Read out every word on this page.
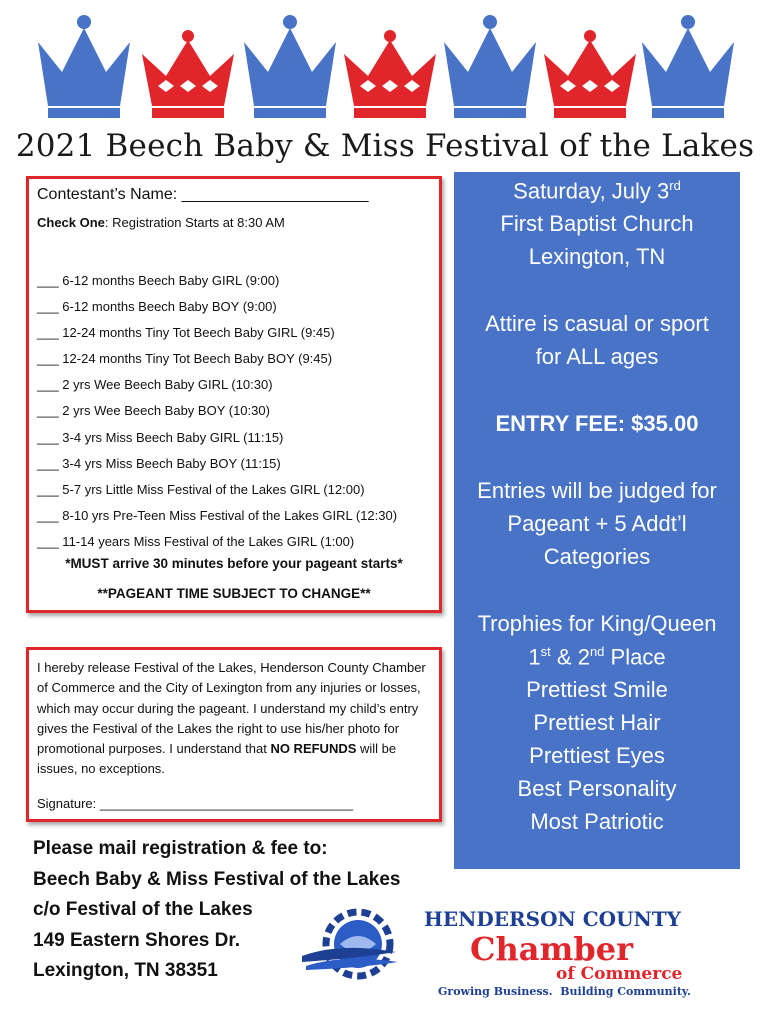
2021 Beech Baby & Miss Festival of the Lakes
Contestant’s Name: _____________________
Check One: Registration Starts at 8:30 AM
___ 6-12 months Beech Baby GIRL (9:00)
___ 6-12 months Beech Baby BOY (9:00)
___ 12-24 months Tiny Tot Beech Baby GIRL (9:45)
___ 12-24 months Tiny Tot Beech Baby BOY (9:45)
___ 2 yrs Wee Beech Baby GIRL (10:30)
___ 2 yrs Wee Beech Baby BOY (10:30)
___ 3-4 yrs Miss Beech Baby GIRL (11:15)
___ 3-4 yrs Miss Beech Baby BOY (11:15)
___ 5-7 yrs Little Miss Festival of the Lakes GIRL (12:00)
___ 8-10 yrs Pre-Teen Miss Festival of the Lakes GIRL (12:30)
___ 11-14 years Miss Festival of the Lakes GIRL (1:00)
*MUST arrive 30 minutes before your pageant starts*
**PAGEANT TIME SUBJECT TO CHANGE**
I hereby release Festival of the Lakes, Henderson County Chamber of Commerce and the City of Lexington from any injuries or losses, which may occur during the pageant. I understand my child’s entry gives the Festival of the Lakes the right to use his/her photo for promotional purposes. I understand that NO REFUNDS will be issues, no exceptions.
Signature: ___________________________________
Saturday, July 3rd
First Baptist Church
Lexington, TN
Attire is casual or sport
for ALL ages
ENTRY FEE: $35.00
Entries will be judged for
Pageant + 5 Addt’l
Categories
Trophies for King/Queen
1st & 2nd Place
Prettiest Smile
Prettiest Hair
Prettiest Eyes
Best Personality
Most Patriotic
Please mail registration & fee to:
Beech Baby & Miss Festival of the Lakes
c/o Festival of the Lakes
149 Eastern Shores Dr.
Lexington, TN 38351
HENDERSON COUNTY
Chamber
of Commerce
Growing Business.  Building Community.
